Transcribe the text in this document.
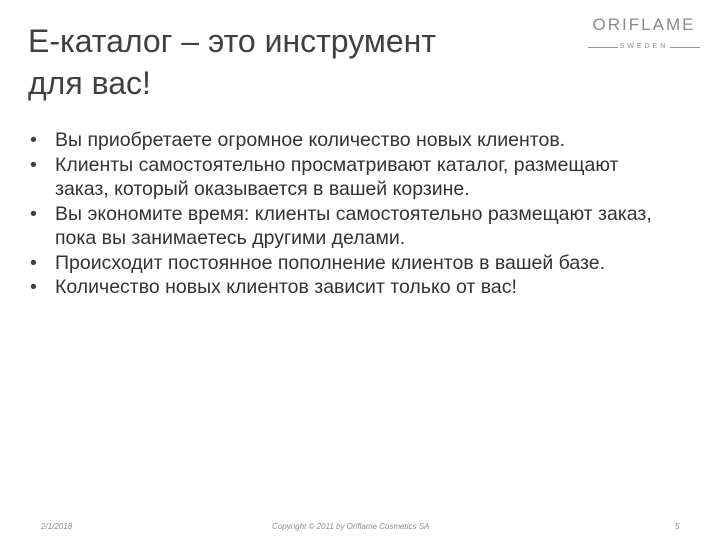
Е-каталог – это инструмент
для вас!
ORIFLAME
SWEDEN
• Вы приобретаете огромное количество новых клиентов.
• Клиенты самостоятельно просматривают каталог, размещают заказ, который оказывается в вашей корзине.
• Вы экономите время: клиенты самостоятельно размещают заказ, пока вы занимаетесь другими делами.
• Происходит постоянное пополнение клиентов в вашей базе.
• Количество новых клиентов зависит только от вас!
2/1/2018	Copyright © 2011 by Oriflame Cosmetics SA	5
